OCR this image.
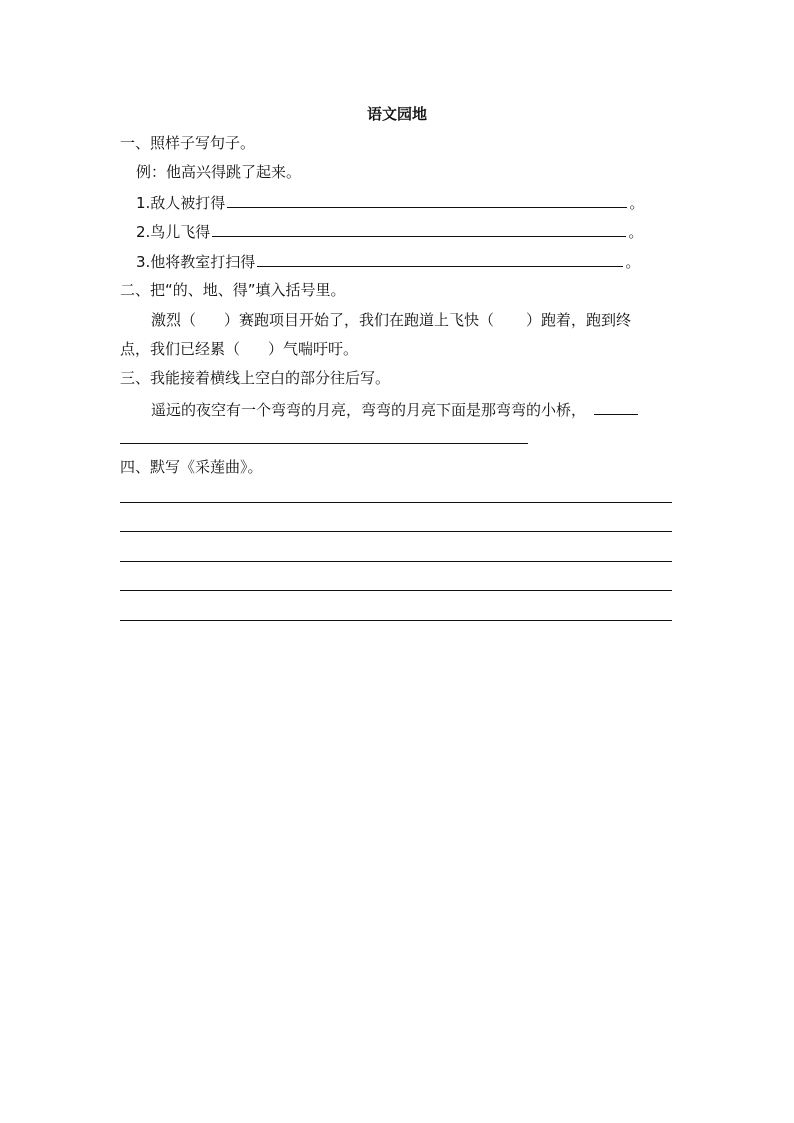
语文园地
一、照样子写句子。
例：他高兴得跳了起来。
1.敌人被打得	。
2.鸟儿飞得	。
3.他将教室打扫得	。
二、把“的、地、得”填入括号里。
激烈（ ）赛跑项目开始了，我们在跑道上飞快（ ）跑着，跑到终
点，我们已经累（ ）气喘吁吁。
三、我能接着横线上空白的部分往后写。
遥远的夜空有一个弯弯的月亮，弯弯的月亮下面是那弯弯的小桥，
四、默写《采莲曲》。
